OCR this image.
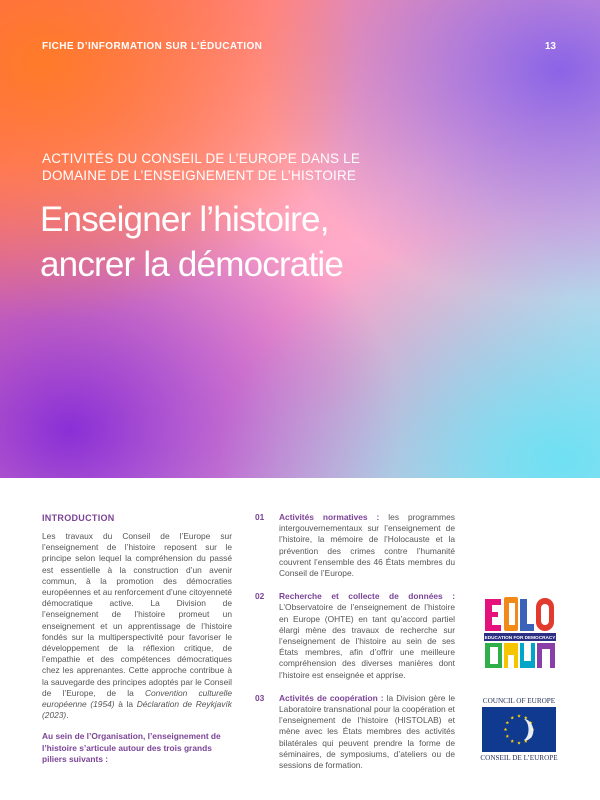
FICHE D’INFORMATION SUR L’ÉDUCATION	13
ACTIVITÉS DU CONSEIL DE L’EUROPE DANS LE
DOMAINE DE L’ENSEIGNEMENT DE L’HISTOIRE
Enseigner l’histoire,
ancrer la démocratie
INTRODUCTION

Les travaux du Conseil de l’Europe sur l’enseignement de l’histoire reposent sur le principe selon lequel la compréhension du passé est essentielle à la construction d’un avenir commun, à la promotion des démocraties européennes et au renforcement d’une citoyenneté démocratique active. La Division de l’enseignement de l’histoire promeut un enseignement et un apprentissage de l’histoire fondés sur la multiperspectivité pour favoriser le développement de la réflexion critique, de l’empathie et des compétences démocratiques chez les apprenantes. Cette approche contribue à la sauvegarde des principes adoptés par le Conseil de l’Europe, de la Convention culturelle européenne (1954) à la Déclaration de Reykjavík (2023).

Au sein de l’Organisation, l’enseignement de l’histoire s’articule autour des trois grands piliers suivants :
01 Activités normatives : les programmes intergouvernementaux sur l’enseignement de l’histoire, la mémoire de l’Holocauste et la prévention des crimes contre l’humanité couvrent l’ensemble des 46 États membres du Conseil de l’Europe.
02 Recherche et collecte de données : L’Observatoire de l’enseignement de l’histoire en Europe (OHTE) en tant qu’accord partiel élargi mène des travaux de recherche sur l’enseignement de l’histoire au sein de ses États membres, afin d’offrir une meilleure compréhension des diverses manières dont l’histoire est enseignée et apprise.
03 Activités de coopération : la Division gère le Laboratoire transnational pour la coopération et l’enseignement de l’histoire (HISTOLAB) et mène avec les États membres des activités bilatérales qui peuvent prendre la forme de séminaires, de symposiums, d’ateliers ou de sessions de formation.
EDUCATION FOR DEMOCRACY
COUNCIL OF EUROPE
CONSEIL DE L’EUROPE
